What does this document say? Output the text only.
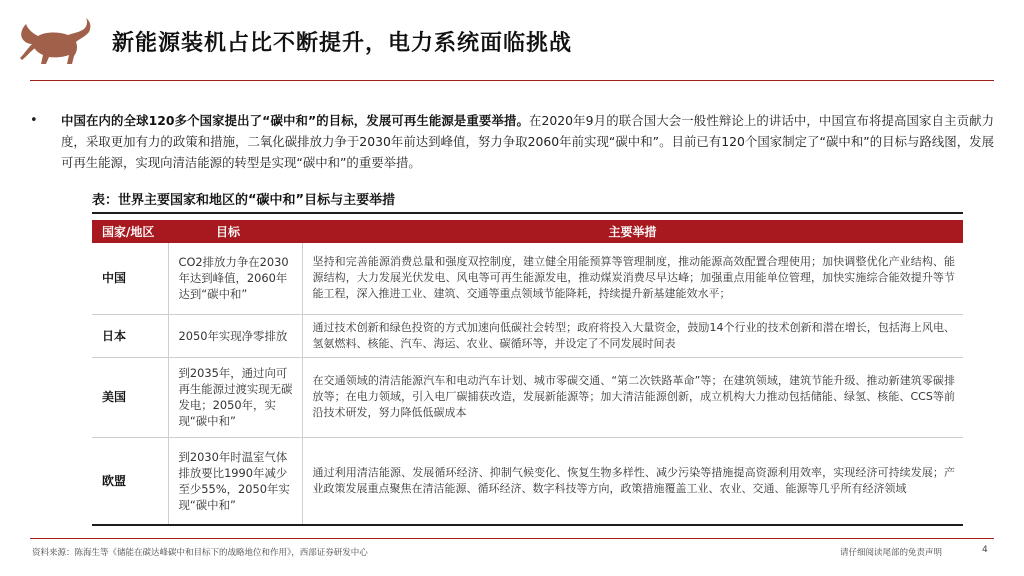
新能源装机占比不断提升，电力系统面临挑战
•	中国在内的全球120多个国家提出了“碳中和”的目标，发展可再生能源是重要举措。在2020年9月的联合国大会一般性辩论上的讲话中，中国宣布将提高国家自主贡献力度，采取更加有力的政策和措施，二氧化碳排放力争于2030年前达到峰值，努力争取2060年前实现“碳中和”。目前已有120个国家制定了“碳中和”的目标与路线图，发展可再生能源，实现向清洁能源的转型是实现“碳中和”的重要举措。

表：世界主要国家和地区的“碳中和”目标与主要举措
国家/地区	目标	主要举措
中国	CO2排放力争在2030年达到峰值，2060年达到“碳中和”	坚持和完善能源消费总量和强度双控制度，建立健全用能预算等管理制度，推动能源高效配置合理使用；加快调整优化产业结构、能源结构，大力发展光伏发电、风电等可再生能源发电，推动煤炭消费尽早达峰；加强重点用能单位管理，加快实施综合能效提升等节能工程，深入推进工业、建筑、交通等重点领域节能降耗，持续提升新基建能效水平；
日本	2050年实现净零排放	通过技术创新和绿色投资的方式加速向低碳社会转型；政府将投入大量资金，鼓励14个行业的技术创新和潜在增长，包括海上风电、氢氨燃料、核能、汽车、海运、农业、碳循环等，并设定了不同发展时间表
美国	到2035年，通过向可再生能源过渡实现无碳发电；2050年，实现“碳中和”	在交通领域的清洁能源汽车和电动汽车计划、城市零碳交通、“第二次铁路革命”等；在建筑领域，建筑节能升级、推动新建筑零碳排放等；在电力领域，引入电厂碳捕获改造，发展新能源等；加大清洁能源创新，成立机构大力推动包括储能、绿氢、核能、CCS等前沿技术研发，努力降低低碳成本
欧盟	到2030年时温室气体排放要比1990年减少至少55%，2050年实现“碳中和”	通过利用清洁能源、发展循环经济、抑制气候变化、恢复生物多样性、减少污染等措施提高资源利用效率，实现经济可持续发展；产业政策发展重点聚焦在清洁能源、循环经济、数字科技等方向，政策措施覆盖工业、农业、交通、能源等几乎所有经济领域
资料来源：陈海生等《储能在碳达峰碳中和目标下的战略地位和作用》，西部证券研发中心	请仔细阅读尾部的免责声明	4
